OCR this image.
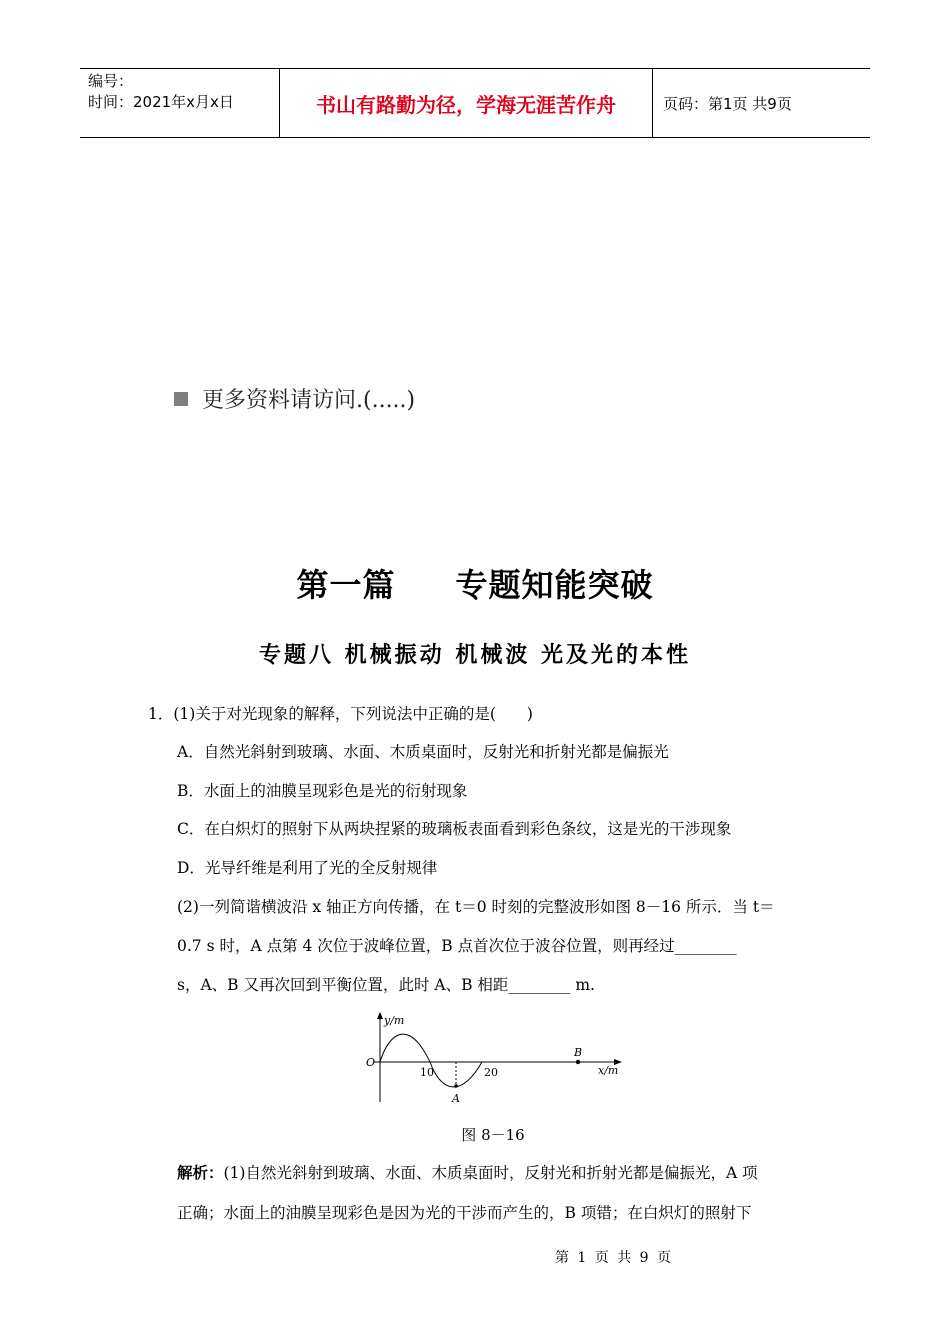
编号：
时间：2021年x月x日	书山有路勤为径，学海无涯苦作舟	页码：第1页 共9页
更多资料请访问.(.....)
第一篇 专题知能突破
专题八 机械振动 机械波 光及光的本性
1．(1)关于对光现象的解释，下列说法中正确的是(　　)
A．自然光斜射到玻璃、水面、木质桌面时，反射光和折射光都是偏振光
B．水面上的油膜呈现彩色是光的衍射现象
C．在白炽灯的照射下从两块捏紧的玻璃板表面看到彩色条纹，这是光的干涉现象
D．光导纤维是利用了光的全反射规律
(2)一列简谐横波沿 x 轴正方向传播，在 t＝0 时刻的完整波形如图 8－16 所示．当 t＝
0.7 s 时，A 点第 4 次位于波峰位置，B 点首次位于波谷位置，则再经过________
s，A、B 又再次回到平衡位置，此时 A、B 相距________ m.
y/m
O
10	20
A
B
x/m
图 8－16
解析：(1)自然光斜射到玻璃、水面、木质桌面时，反射光和折射光都是偏振光，A 项
正确；水面上的油膜呈现彩色是因为光的干涉而产生的，B 项错；在白炽灯的照射下
第 1 页 共 9 页
